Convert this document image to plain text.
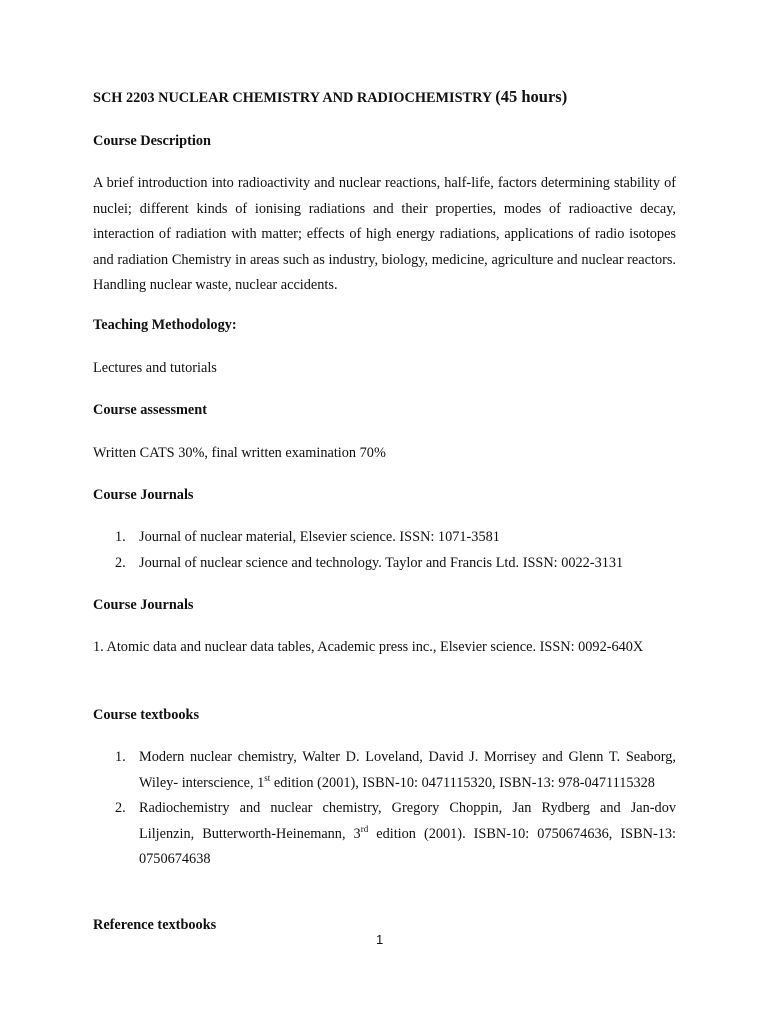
SCH 2203 NUCLEAR CHEMISTRY AND RADIOCHEMISTRY (45 hours)

Course Description

A brief introduction into radioactivity and nuclear reactions, half-life, factors determining stability of nuclei; different kinds of ionising radiations and their properties, modes of radioactive decay, interaction of radiation with matter; effects of high energy radiations, applications of radio isotopes and radiation Chemistry in areas such as industry, biology, medicine, agriculture and nuclear reactors. Handling nuclear waste, nuclear accidents.

Teaching Methodology:

Lectures and tutorials

Course assessment

Written CATS 30%, final written examination 70%

Course Journals

1. Journal of nuclear material, Elsevier science. ISSN: 1071-3581
2. Journal of nuclear science and technology. Taylor and Francis Ltd. ISSN: 0022-3131

Course Journals

1. Atomic data and nuclear data tables, Academic press inc., Elsevier science. ISSN: 0092-640X

Course textbooks

1. Modern nuclear chemistry, Walter D. Loveland, David J. Morrisey and Glenn T. Seaborg, Wiley- interscience, 1st edition (2001), ISBN-10: 0471115320, ISBN-13: 978-0471115328
2. Radiochemistry and nuclear chemistry, Gregory Choppin, Jan Rydberg and Jan-dov Liljenzin, Butterworth-Heinemann, 3rd edition (2001). ISBN-10: 0750674636, ISBN-13: 0750674638

Reference textbooks

1
